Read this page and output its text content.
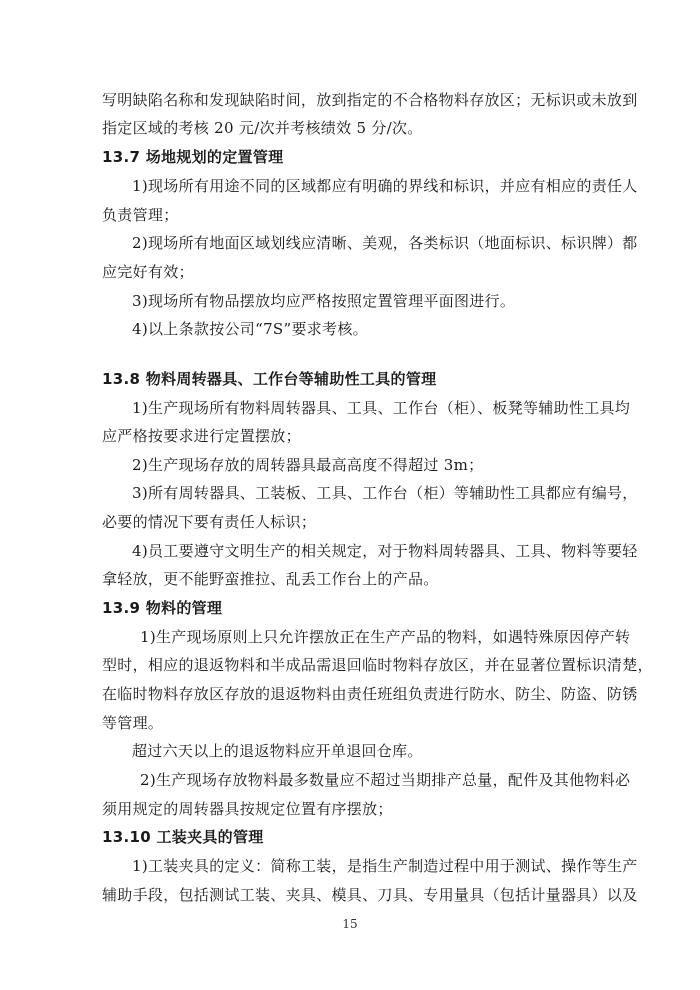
写明缺陷名称和发现缺陷时间，放到指定的不合格物料存放区；无标识或未放到
指定区域的考核 20 元/次并考核绩效 5 分/次。
13.7 场地规划的定置管理
1)现场所有用途不同的区域都应有明确的界线和标识，并应有相应的责任人
负责管理；
2)现场所有地面区域划线应清晰、美观，各类标识（地面标识、标识牌）都
应完好有效；
3)现场所有物品摆放均应严格按照定置管理平面图进行。
4)以上条款按公司“7S”要求考核。
13.8 物料周转器具、工作台等辅助性工具的管理
1)生产现场所有物料周转器具、工具、工作台（柜）、板凳等辅助性工具均
应严格按要求进行定置摆放；
2)生产现场存放的周转器具最高高度不得超过 3m；
3)所有周转器具、工装板、工具、工作台（柜）等辅助性工具都应有编号，
必要的情况下要有责任人标识；
4)员工要遵守文明生产的相关规定，对于物料周转器具、工具、物料等要轻
拿轻放，更不能野蛮推拉、乱丢工作台上的产品。
13.9 物料的管理
1)生产现场原则上只允许摆放正在生产产品的物料，如遇特殊原因停产转
型时，相应的退返物料和半成品需退回临时物料存放区，并在显著位置标识清楚，
在临时物料存放区存放的退返物料由责任班组负责进行防水、防尘、防盗、防锈
等管理。
超过六天以上的退返物料应开单退回仓库。
2)生产现场存放物料最多数量应不超过当期排产总量，配件及其他物料必
须用规定的周转器具按规定位置有序摆放；
13.10 工装夹具的管理
1)工装夹具的定义：简称工装，是指生产制造过程中用于测试、操作等生产
辅助手段，包括测试工装、夹具、模具、刀具、专用量具（包括计量器具）以及
15
